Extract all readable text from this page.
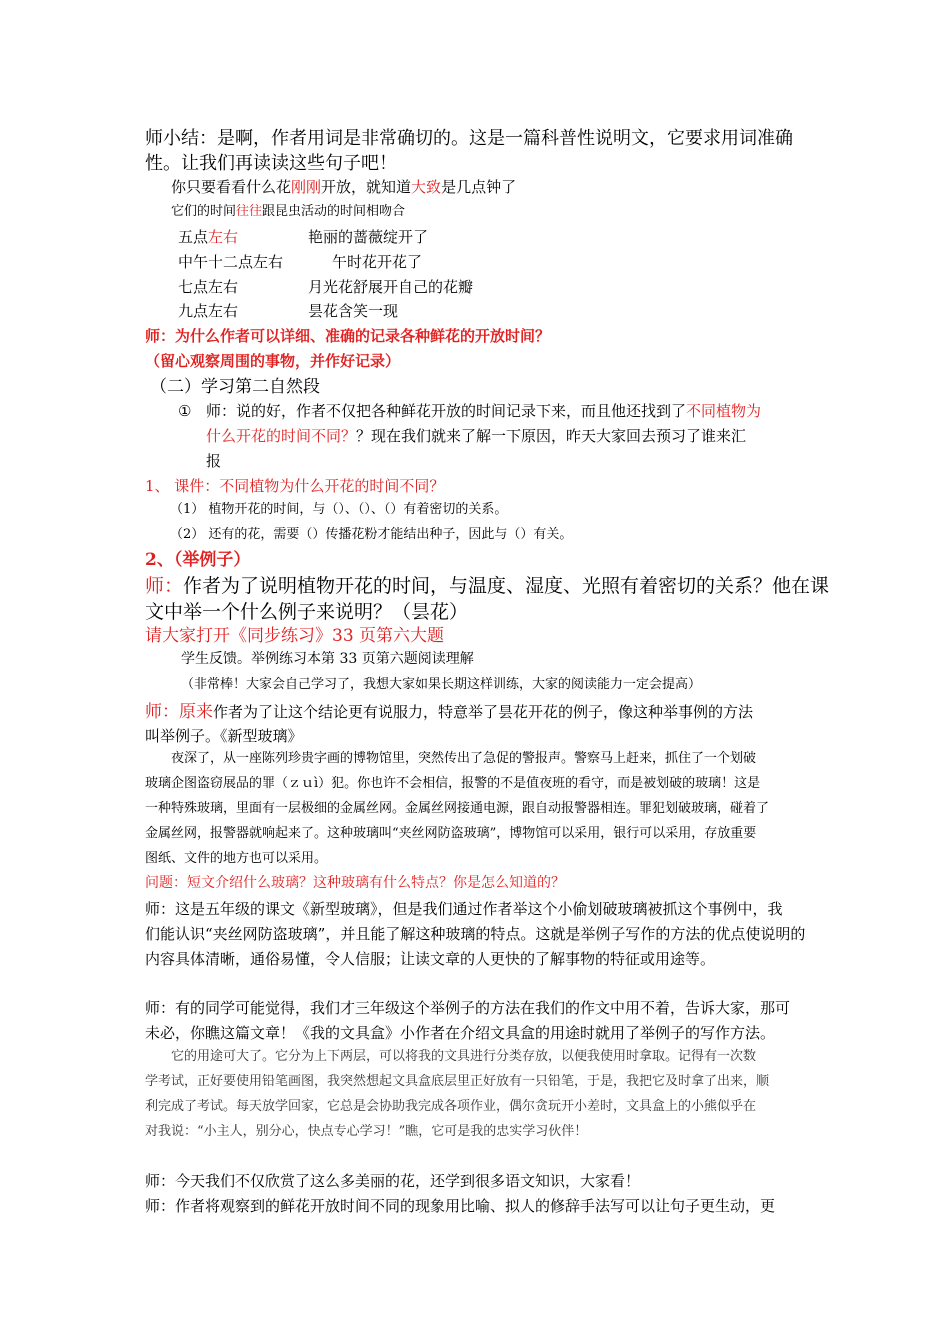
师小结：是啊，作者用词是非常确切的。这是一篇科普性说明文，它要求用词准确
性。让我们再读读这些句子吧！
你只要看看什么花刚刚开放，就知道大致是几点钟了
它们的时间往往跟昆虫活动的时间相吻合
五点左右	艳丽的蔷薇绽开了
中午十二点左右	午时花开花了
七点左右	月光花舒展开自己的花瓣
九点左右	昙花含笑一现
师：为什么作者可以详细、准确的记录各种鲜花的开放时间？
（留心观察周围的事物，并作好记录）
（二）学习第二自然段
① 师：说的好，作者不仅把各种鲜花开放的时间记录下来，而且他还找到了不同植物为
什么开花的时间不同？？现在我们就来了解一下原因，昨天大家回去预习了谁来汇
报
1、 课件：不同植物为什么开花的时间不同？
（1） 植物开花的时间，与（）、（）、（）有着密切的关系。
（2） 还有的花，需要（）传播花粉才能结出种子，因此与（）有关。
2、（举例子）
师：作者为了说明植物开花的时间，与温度、湿度、光照有着密切的关系？他在课
文中举一个什么例子来说明？（昙花）
请大家打开《同步练习》33 页第六大题
学生反馈。举例练习本第 33 页第六题阅读理解
（非常棒！大家会自己学习了，我想大家如果长期这样训练，大家的阅读能力一定会提高）
师：原来作者为了让这个结论更有说服力，特意举了昙花开花的例子，像这种举事例的方法
叫举例子。《新型玻璃》
夜深了，从一座陈列珍贵字画的博物馆里，突然传出了急促的警报声。警察马上赶来，抓住了一个划破
玻璃企图盗窃展品的罪（ｚｕì）犯。你也许不会相信，报警的不是值夜班的看守，而是被划破的玻璃！这是
一种特殊玻璃，里面有一层极细的金属丝网。金属丝网接通电源，跟自动报警器相连。罪犯划破玻璃，碰着了
金属丝网，报警器就响起来了。这种玻璃叫“夹丝网防盗玻璃”，博物馆可以采用，银行可以采用，存放重要
图纸、文件的地方也可以采用。
问题：短文介绍什么玻璃？这种玻璃有什么特点？你是怎么知道的？
师：这是五年级的课文《新型玻璃》，但是我们通过作者举这个小偷划破玻璃被抓这个事例中，我
们能认识“夹丝网防盗玻璃”，并且能了解这种玻璃的特点。这就是举例子写作的方法的优点使说明的
内容具体清晰，通俗易懂，令人信服；让读文章的人更快的了解事物的特征或用途等。
师：有的同学可能觉得，我们才三年级这个举例子的方法在我们的作文中用不着，告诉大家，那可
未必，你瞧这篇文章！《我的文具盒》小作者在介绍文具盒的用途时就用了举例子的写作方法。
它的用途可大了。它分为上下两层，可以将我的文具进行分类存放，以便我使用时拿取。记得有一次数
学考试，正好要使用铅笔画图，我突然想起文具盒底层里正好放有一只铅笔，于是，我把它及时拿了出来，顺
利完成了考试。每天放学回家，它总是会协助我完成各项作业，偶尔贪玩开小差时，文具盒上的小熊似乎在
对我说：“小主人，别分心，快点专心学习！”瞧，它可是我的忠实学习伙伴！
师：今天我们不仅欣赏了这么多美丽的花，还学到很多语文知识，大家看！
师：作者将观察到的鲜花开放时间不同的现象用比喻、拟人的修辞手法写可以让句子更生动，更
